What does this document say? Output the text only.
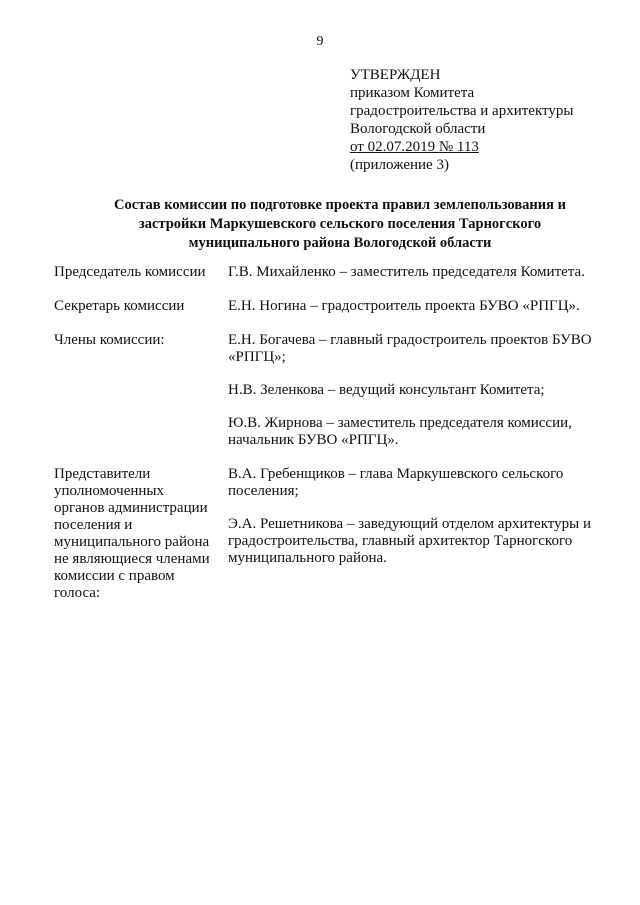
9
УТВЕРЖДЕН
приказом Комитета
градостроительства и архитектуры
Вологодской области
от 02.07.2019 № 113
(приложение 3)
Состав комиссии по подготовке проекта правил землепользования и
застройки Маркушевского сельского поселения Тарногского
муниципального района Вологодской области
Председатель комиссии	Г.В. Михайленко – заместитель председателя Комитета.
Секретарь комиссии	Е.Н. Ногина – градостроитель проекта БУВО «РПГЦ».
Члены комиссии:	Е.Н. Богачева – главный градостроитель проектов БУВО «РПГЦ»;
Н.В. Зеленкова – ведущий консультант Комитета;
Ю.В. Жирнова – заместитель председателя комиссии, начальник БУВО «РПГЦ».
Представители уполномоченных органов администрации поселения и муниципального района не являющиеся членами комиссии с правом голоса:
В.А. Гребенщиков – глава Маркушевского сельского поселения;
Э.А. Решетникова – заведующий отделом архитектуры и градостроительства, главный архитектор Тарногского муниципального района.
